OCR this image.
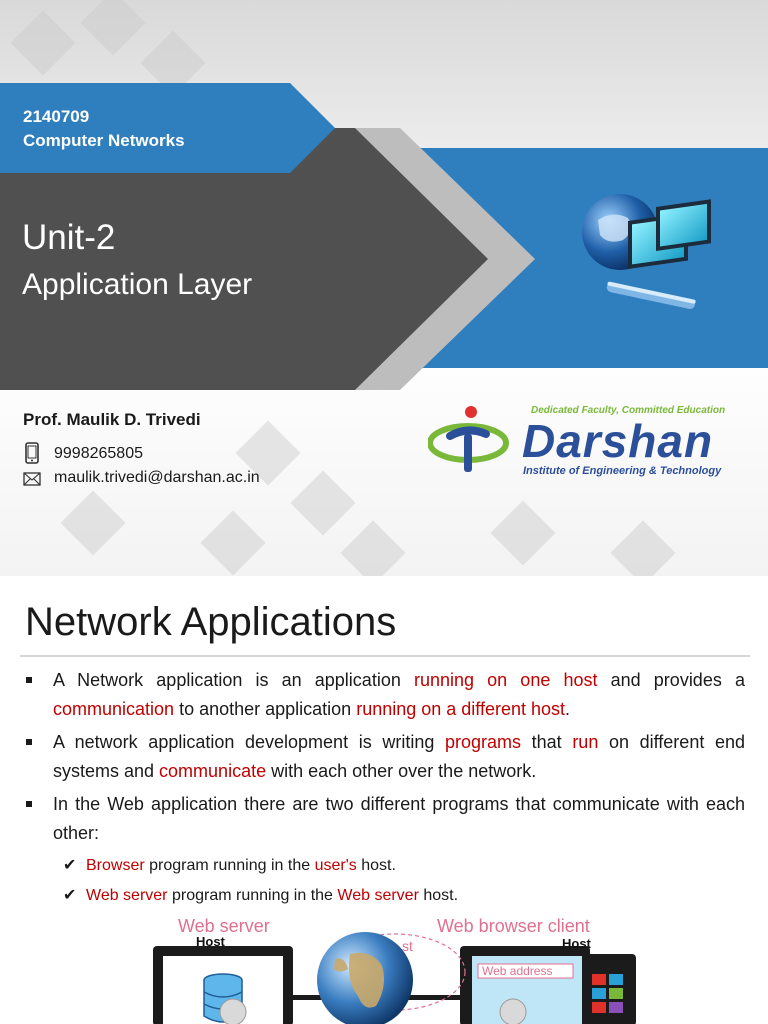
2140709
Computer Networks
Unit-2
Application Layer
Prof. Maulik D. Trivedi
9998265805
maulik.trivedi@darshan.ac.in
Dedicated Faculty, Committed Education
Darshan
Institute of Engineering & Technology
Network Applications
A Network application is an application running on one host and provides a communication to another application running on a different host.
A network application development is writing programs that run on different end systems and communicate with each other over the network.
In the Web application there are two different programs that communicate with each other:
✔ Browser program running in the user's host.
✔ Web server program running in the Web server host.
Web server	Web browser client
Host	Host
st
Web address
